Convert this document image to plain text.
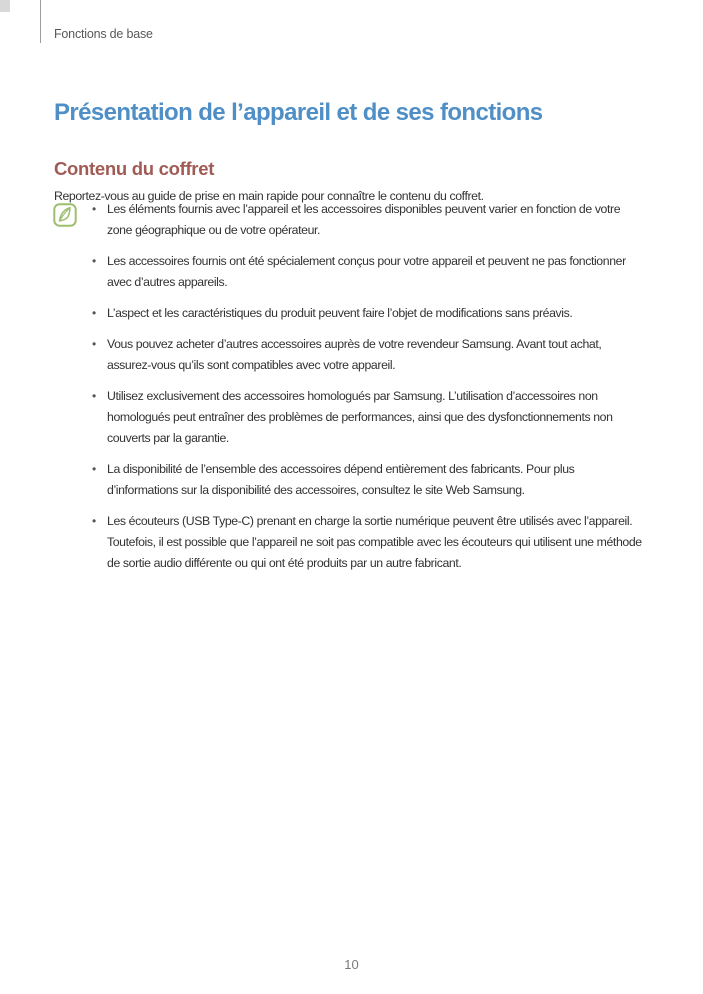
Fonctions de base
Présentation de l’appareil et de ses fonctions
Contenu du coffret

Reportez-vous au guide de prise en main rapide pour connaître le contenu du coffret.

• Les éléments fournis avec l’appareil et les accessoires disponibles peuvent varier en fonction de votre zone géographique ou de votre opérateur.
• Les accessoires fournis ont été spécialement conçus pour votre appareil et peuvent ne pas fonctionner avec d’autres appareils.
• L’aspect et les caractéristiques du produit peuvent faire l’objet de modifications sans préavis.
• Vous pouvez acheter d’autres accessoires auprès de votre revendeur Samsung. Avant tout achat, assurez-vous qu’ils sont compatibles avec votre appareil.
• Utilisez exclusivement des accessoires homologués par Samsung. L’utilisation d’accessoires non homologués peut entraîner des problèmes de performances, ainsi que des dysfonctionnements non couverts par la garantie.
• La disponibilité de l’ensemble des accessoires dépend entièrement des fabricants. Pour plus d’informations sur la disponibilité des accessoires, consultez le site Web Samsung.
• Les écouteurs (USB Type-C) prenant en charge la sortie numérique peuvent être utilisés avec l’appareil. Toutefois, il est possible que l’appareil ne soit pas compatible avec les écouteurs qui utilisent une méthode de sortie audio différente ou qui ont été produits par un autre fabricant.
10
